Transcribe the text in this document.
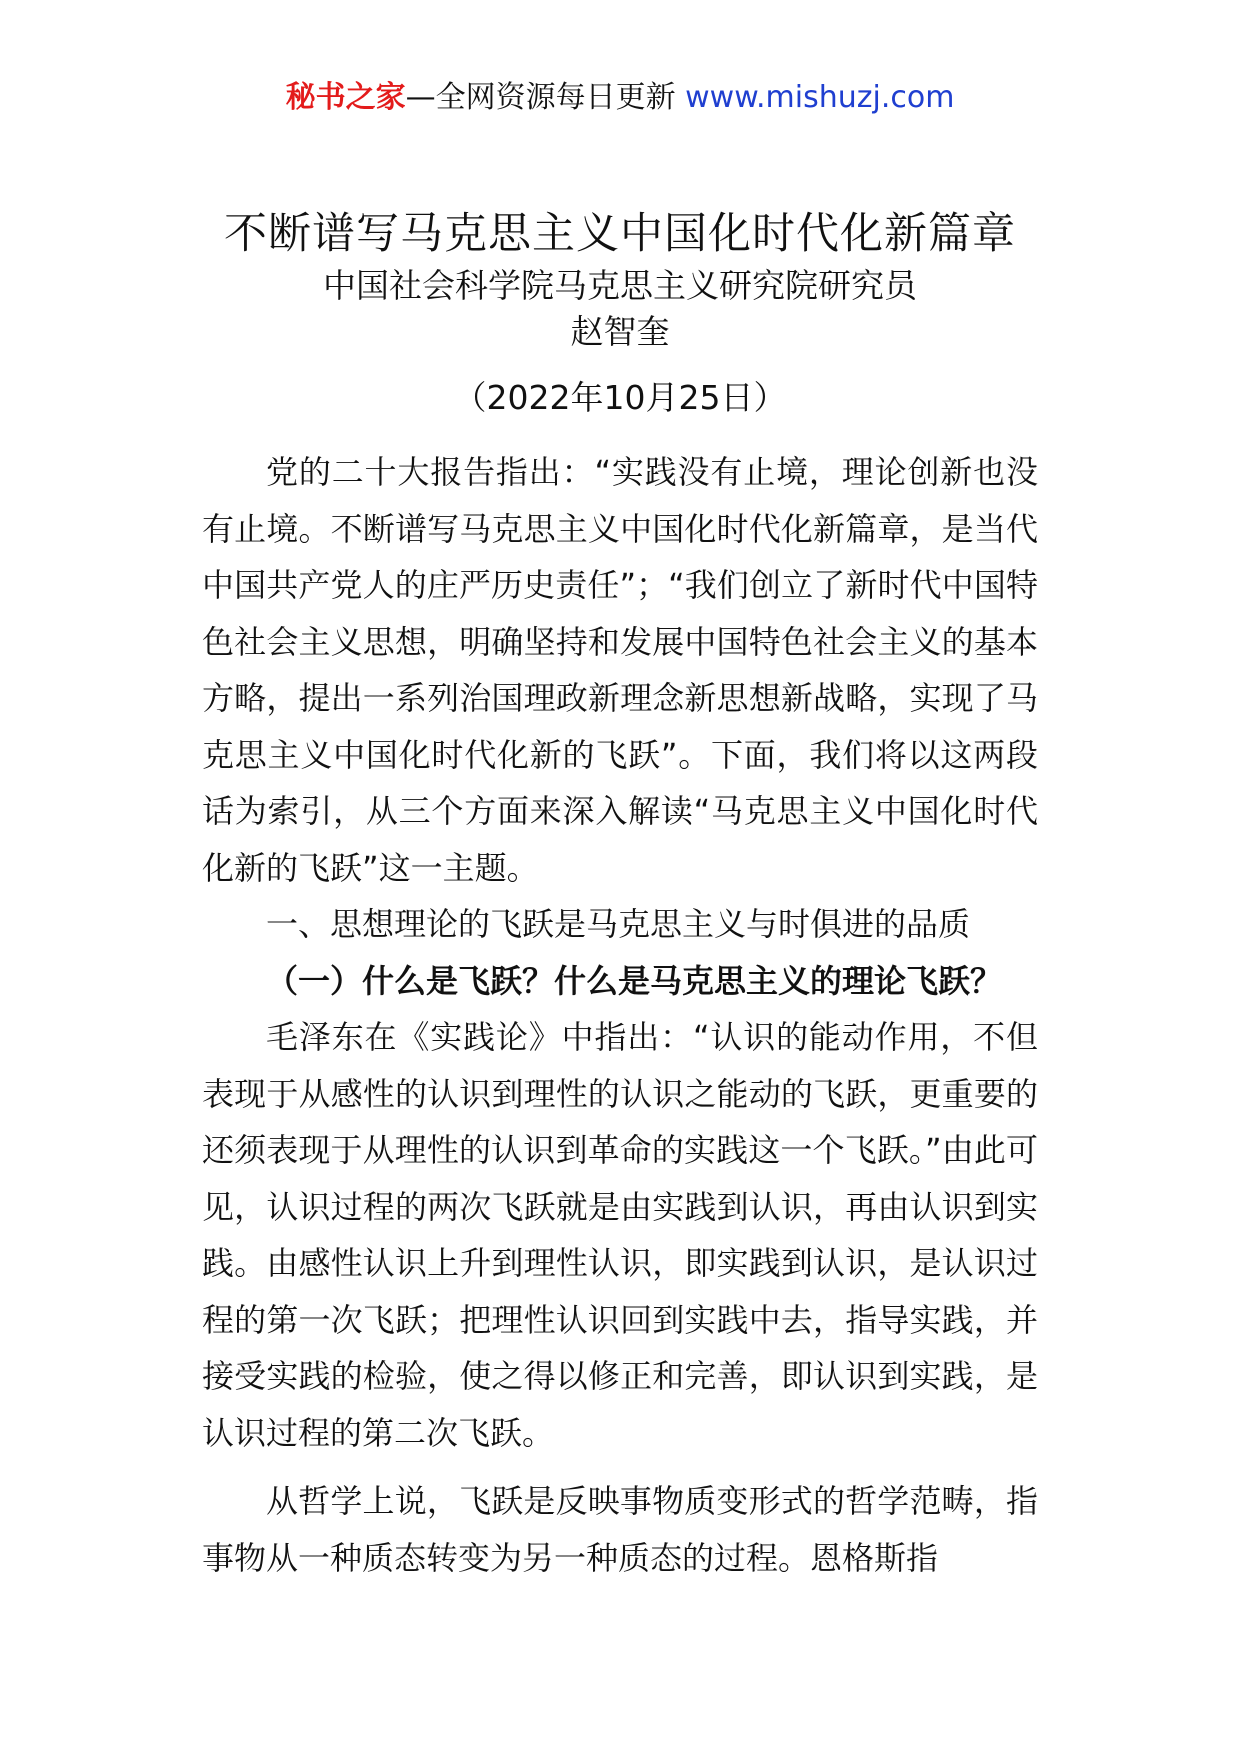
秘书之家—全网资源每日更新 www.mishuzj.com
不断谱写马克思主义中国化时代化新篇章
中国社会科学院马克思主义研究院研究员
赵智奎
（2022年10月25日）

党的二十大报告指出：“实践没有止境，理论创新也没有止境。不断谱写马克思主义中国化时代化新篇章，是当代中国共产党人的庄严历史责任”；“我们创立了新时代中国特色社会主义思想，明确坚持和发展中国特色社会主义的基本方略，提出一系列治国理政新理念新思想新战略，实现了马克思主义中国化时代化新的飞跃”。下面，我们将以这两段话为索引，从三个方面来深入解读“马克思主义中国化时代化新的飞跃”这一主题。

一、思想理论的飞跃是马克思主义与时俱进的品质

（一）什么是飞跃？什么是马克思主义的理论飞跃？

毛泽东在《实践论》中指出：“认识的能动作用，不但表现于从感性的认识到理性的认识之能动的飞跃，更重要的还须表现于从理性的认识到革命的实践这一个飞跃。”由此可见，认识过程的两次飞跃就是由实践到认识，再由认识到实践。由感性认识上升到理性认识，即实践到认识，是认识过程的第一次飞跃；把理性认识回到实践中去，指导实践，并接受实践的检验，使之得以修正和完善，即认识到实践，是认识过程的第二次飞跃。

从哲学上说，飞跃是反映事物质变形式的哲学范畴，指事物从一种质态转变为另一种质态的过程。恩格斯指
